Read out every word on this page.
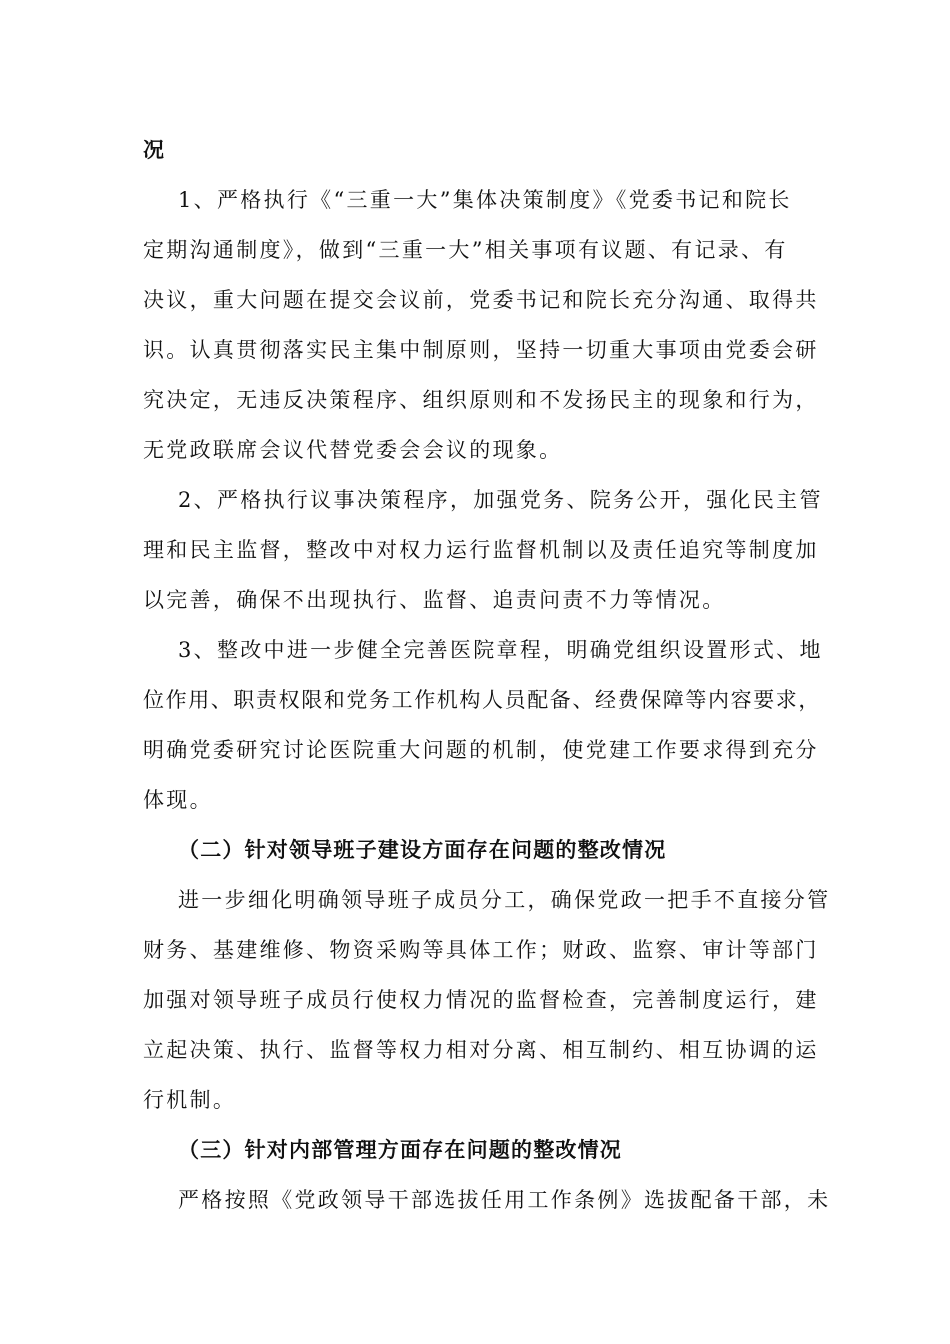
况
1、严格执行《“三重一大”集体决策制度》《党委书记和院长
定期沟通制度》，做到“三重一大”相关事项有议题、有记录、有
决议，重大问题在提交会议前，党委书记和院长充分沟通、取得共
识。认真贯彻落实民主集中制原则，坚持一切重大事项由党委会研
究决定，无违反决策程序、组织原则和不发扬民主的现象和行为，
无党政联席会议代替党委会会议的现象。
2、严格执行议事决策程序，加强党务、院务公开，强化民主管
理和民主监督，整改中对权力运行监督机制以及责任追究等制度加
以完善，确保不出现执行、监督、追责问责不力等情况。
3、整改中进一步健全完善医院章程，明确党组织设置形式、地
位作用、职责权限和党务工作机构人员配备、经费保障等内容要求，
明确党委研究讨论医院重大问题的机制，使党建工作要求得到充分
体现。
（二）针对领导班子建设方面存在问题的整改情况
进一步细化明确领导班子成员分工，确保党政一把手不直接分管
财务、基建维修、物资采购等具体工作；财政、监察、审计等部门
加强对领导班子成员行使权力情况的监督检查，完善制度运行，建
立起决策、执行、监督等权力相对分离、相互制约、相互协调的运
行机制。
（三）针对内部管理方面存在问题的整改情况
严格按照《党政领导干部选拔任用工作条例》选拔配备干部，未
